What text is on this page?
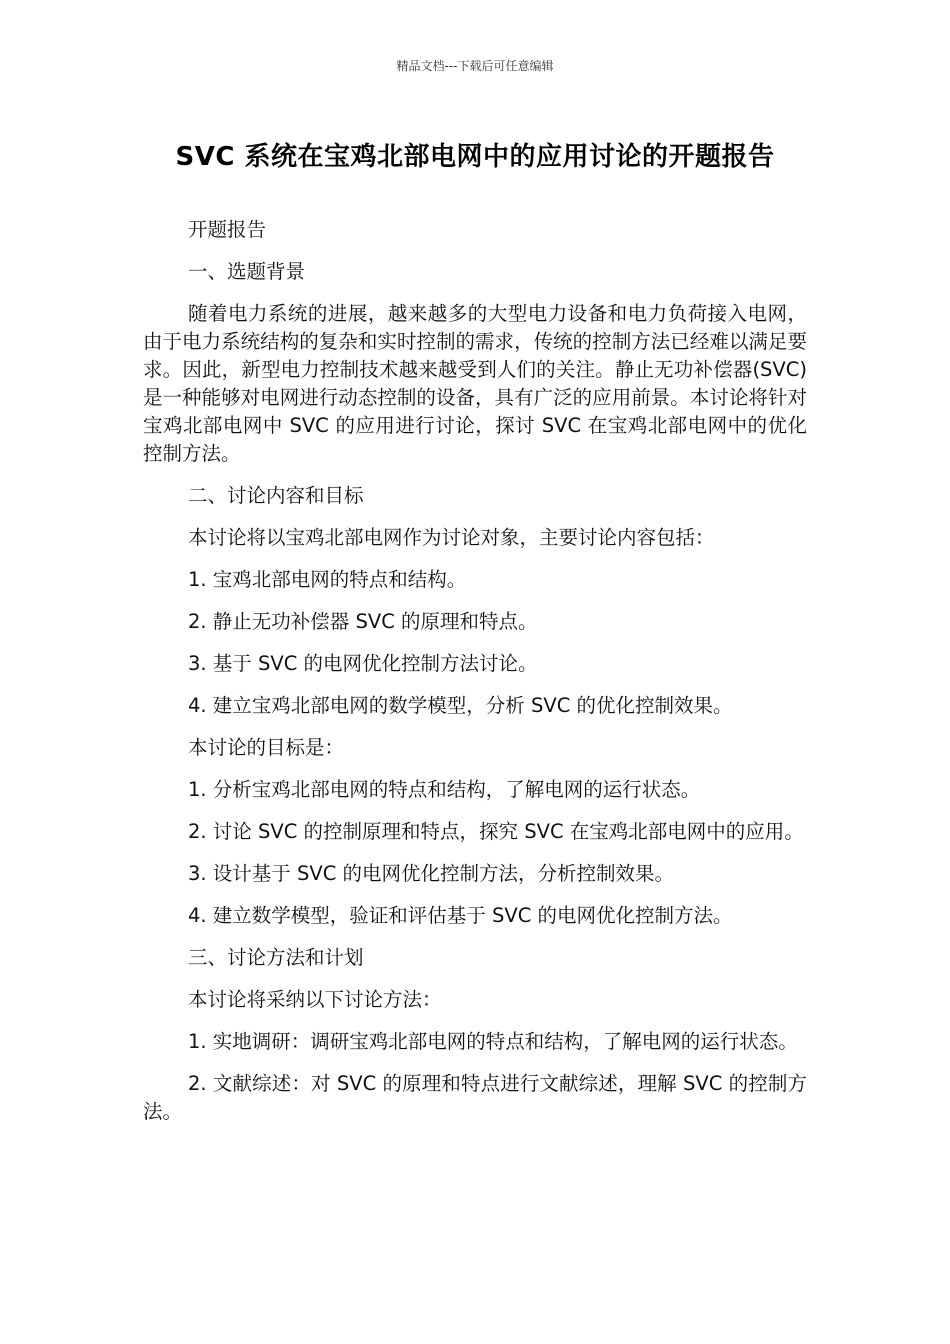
精品文档---下载后可任意编辑
SVC 系统在宝鸡北部电网中的应用讨论的开题报告

开题报告

一、选题背景

随着电力系统的进展，越来越多的大型电力设备和电力负荷接入电网，由于电力系统结构的复杂和实时控制的需求，传统的控制方法已经难以满足要求。因此，新型电力控制技术越来越受到人们的关注。静止无功补偿器(SVC)是一种能够对电网进行动态控制的设备，具有广泛的应用前景。本讨论将针对宝鸡北部电网中 SVC 的应用进行讨论，探讨 SVC 在宝鸡北部电网中的优化控制方法。

二、讨论内容和目标

本讨论将以宝鸡北部电网作为讨论对象，主要讨论内容包括：

1. 宝鸡北部电网的特点和结构。

2. 静止无功补偿器 SVC 的原理和特点。

3. 基于 SVC 的电网优化控制方法讨论。

4. 建立宝鸡北部电网的数学模型，分析 SVC 的优化控制效果。

本讨论的目标是：

1. 分析宝鸡北部电网的特点和结构，了解电网的运行状态。

2. 讨论 SVC 的控制原理和特点，探究 SVC 在宝鸡北部电网中的应用。

3. 设计基于 SVC 的电网优化控制方法，分析控制效果。

4. 建立数学模型，验证和评估基于 SVC 的电网优化控制方法。

三、讨论方法和计划

本讨论将采纳以下讨论方法：

1. 实地调研：调研宝鸡北部电网的特点和结构，了解电网的运行状态。

2. 文献综述：对 SVC 的原理和特点进行文献综述，理解 SVC 的控制方法。
